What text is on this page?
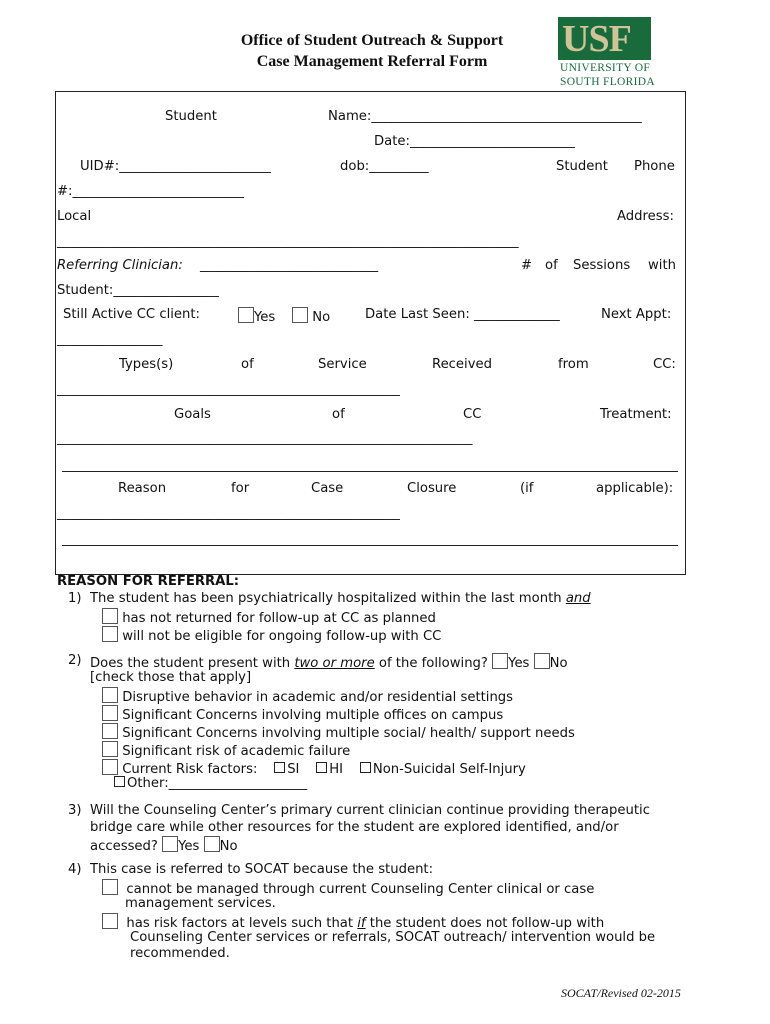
Office of Student Outreach & Support
Case Management Referral Form
USF
UNIVERSITY OF
SOUTH FLORIDA
Student	Name:_________________________________________
Date:_________________________
UID#:_______________________	dob:_________	Student Phone
#:__________________________
Local	Address:
______________________________________________________________________
Referring Clinician: ___________________________	# of Sessions with
Student:________________
Still Active CC client:	Yes	No	Date Last Seen: _____________	Next Appt:
________________
Types(s)	of	Service	Received	from	CC:
____________________________________________________
Goals	of	CC	Treatment:
_______________________________________________________________
Reason	for	Case	Closure	(if	applicable):
____________________________________________________
REASON FOR REFERRAL:
1) The student has been psychiatrically hospitalized within the last month and
has not returned for follow-up at CC as planned
will not be eligible for ongoing follow-up with CC
2) Does the student present with two or more of the following? Yes No
[check those that apply]
Disruptive behavior in academic and/or residential settings
Significant Concerns involving multiple offices on campus
Significant Concerns involving multiple social/ health/ support needs
Significant risk of academic failure
Current Risk factors: SI HI Non-Suicidal Self-Injury
Other:_____________________
3) Will the Counseling Center’s primary current clinician continue providing therapeutic
bridge care while other resources for the student are explored identified, and/or
accessed? Yes No
4) This case is referred to SOCAT because the student:
cannot be managed through current Counseling Center clinical or case
management services.
has risk factors at levels such that if the student does not follow-up with
Counseling Center services or referrals, SOCAT outreach/ intervention would be
recommended.
SOCAT/Revised 02-2015
